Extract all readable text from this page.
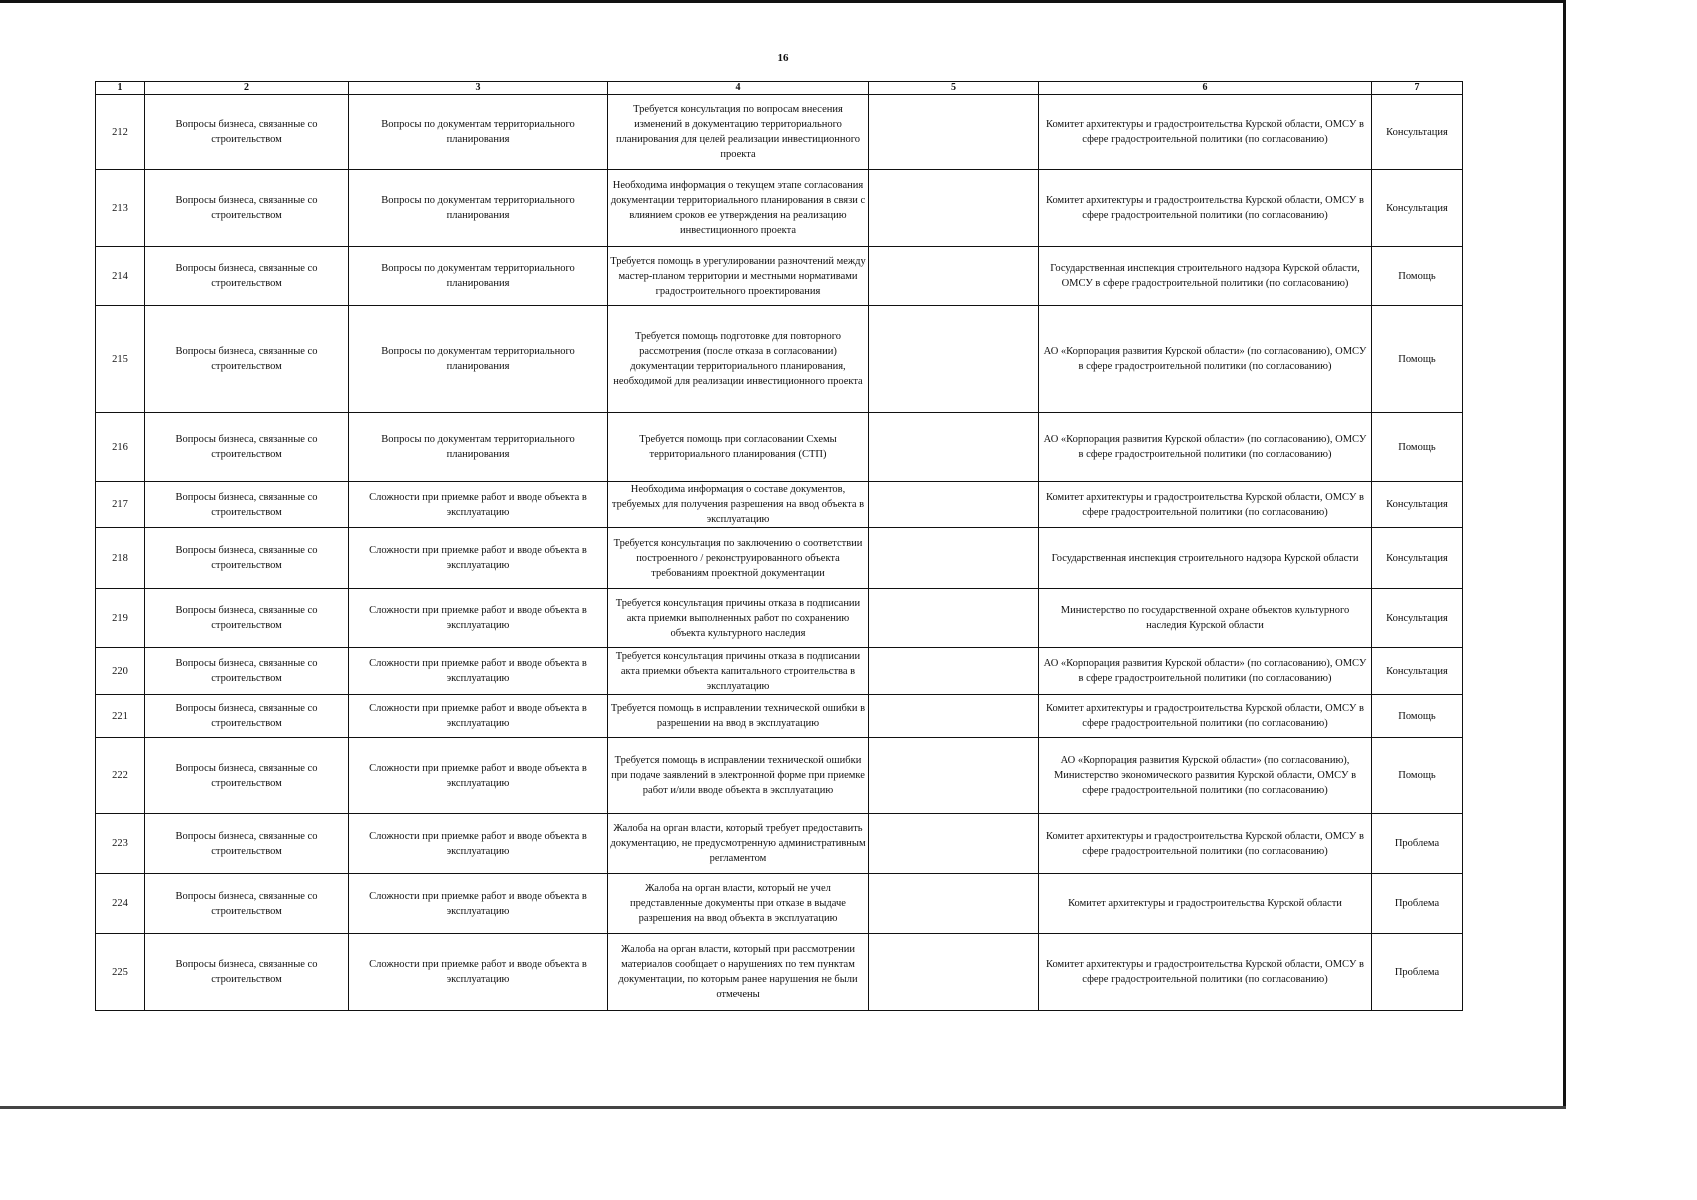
16
1	2	3	4	5	6	7
212	Вопросы бизнеса, связанные со строительством	Вопросы по документам территориального планирования	Требуется консультация по вопросам внесения изменений в документацию территориального планирования для целей реализации инвестиционного проекта		Комитет архитектуры и градостроительства Курской области, ОМСУ в сфере градостроительной политики (по согласованию)	Консультация
213	Вопросы бизнеса, связанные со строительством	Вопросы по документам территориального планирования	Необходима информация о текущем этапе согласования документации территориального планирования в связи с влиянием сроков ее утверждения на реализацию инвестиционного проекта		Комитет архитектуры и градостроительства Курской области, ОМСУ в сфере градостроительной политики (по согласованию)	Консультация
214	Вопросы бизнеса, связанные со строительством	Вопросы по документам территориального планирования	Требуется помощь в урегулировании разночтений между мастер-планом территории и местными нормативами градостроительного проектирования		Государственная инспекция строительного надзора Курской области, ОМСУ в сфере градостроительной политики (по согласованию)	Помощь
215	Вопросы бизнеса, связанные со строительством	Вопросы по документам территориального планирования	Требуется помощь подготовке для повторного рассмотрения (после отказа в согласовании) документации территориального планирования, необходимой для реализации инвестиционного проекта		АО «Корпорация развития Курской области» (по согласованию), ОМСУ в сфере градостроительной политики (по согласованию)	Помощь
216	Вопросы бизнеса, связанные со строительством	Вопросы по документам территориального планирования	Требуется помощь при согласовании Схемы территориального планирования (СТП)		АО «Корпорация развития Курской области» (по согласованию), ОМСУ в сфере градостроительной политики (по согласованию)	Помощь
217	Вопросы бизнеса, связанные со строительством	Сложности при приемке работ и вводе объекта в эксплуатацию	Необходима информация о составе документов, требуемых для получения разрешения на ввод объекта в эксплуатацию		Комитет архитектуры и градостроительства Курской области, ОМСУ в сфере градостроительной политики (по согласованию)	Консультация
218	Вопросы бизнеса, связанные со строительством	Сложности при приемке работ и вводе объекта в эксплуатацию	Требуется консультация по заключению о соответствии построенного / реконструированного объекта требованиям проектной документации		Государственная инспекция строительного надзора Курской области	Консультация
219	Вопросы бизнеса, связанные со строительством	Сложности при приемке работ и вводе объекта в эксплуатацию	Требуется консультация причины отказа в подписании акта приемки выполненных работ по сохранению объекта культурного наследия		Министерство по государственной охране объектов культурного наследия Курской области	Консультация
220	Вопросы бизнеса, связанные со строительством	Сложности при приемке работ и вводе объекта в эксплуатацию	Требуется консультация причины отказа в подписании акта приемки объекта капитального строительства в эксплуатацию		АО «Корпорация развития Курской области» (по согласованию), ОМСУ в сфере градостроительной политики (по согласованию)	Консультация
221	Вопросы бизнеса, связанные со строительством	Сложности при приемке работ и вводе объекта в эксплуатацию	Требуется помощь в исправлении технической ошибки в разрешении на ввод в эксплуатацию		Комитет архитектуры и градостроительства Курской области, ОМСУ в сфере градостроительной политики (по согласованию)	Помощь
222	Вопросы бизнеса, связанные со строительством	Сложности при приемке работ и вводе объекта в эксплуатацию	Требуется помощь в исправлении технической ошибки при подаче заявлений в электронной форме при приемке работ и/или вводе объекта в эксплуатацию		АО «Корпорация развития Курской области» (по согласованию), Министерство экономического развития Курской области, ОМСУ в сфере градостроительной политики (по согласованию)	Помощь
223	Вопросы бизнеса, связанные со строительством	Сложности при приемке работ и вводе объекта в эксплуатацию	Жалоба на орган власти, который требует предоставить документацию, не предусмотренную административным регламентом		Комитет архитектуры и градостроительства Курской области, ОМСУ в сфере градостроительной политики (по согласованию)	Проблема
224	Вопросы бизнеса, связанные со строительством	Сложности при приемке работ и вводе объекта в эксплуатацию	Жалоба на орган власти, который не учел представленные документы при отказе в выдаче разрешения на ввод объекта в эксплуатацию		Комитет архитектуры и градостроительства Курской области	Проблема
225	Вопросы бизнеса, связанные со строительством	Сложности при приемке работ и вводе объекта в эксплуатацию	Жалоба на орган власти, который при рассмотрении материалов сообщает о нарушениях по тем пунктам документации, по которым ранее нарушения не были отмечены		Комитет архитектуры и градостроительства Курской области, ОМСУ в сфере градостроительной политики (по согласованию)	Проблема
